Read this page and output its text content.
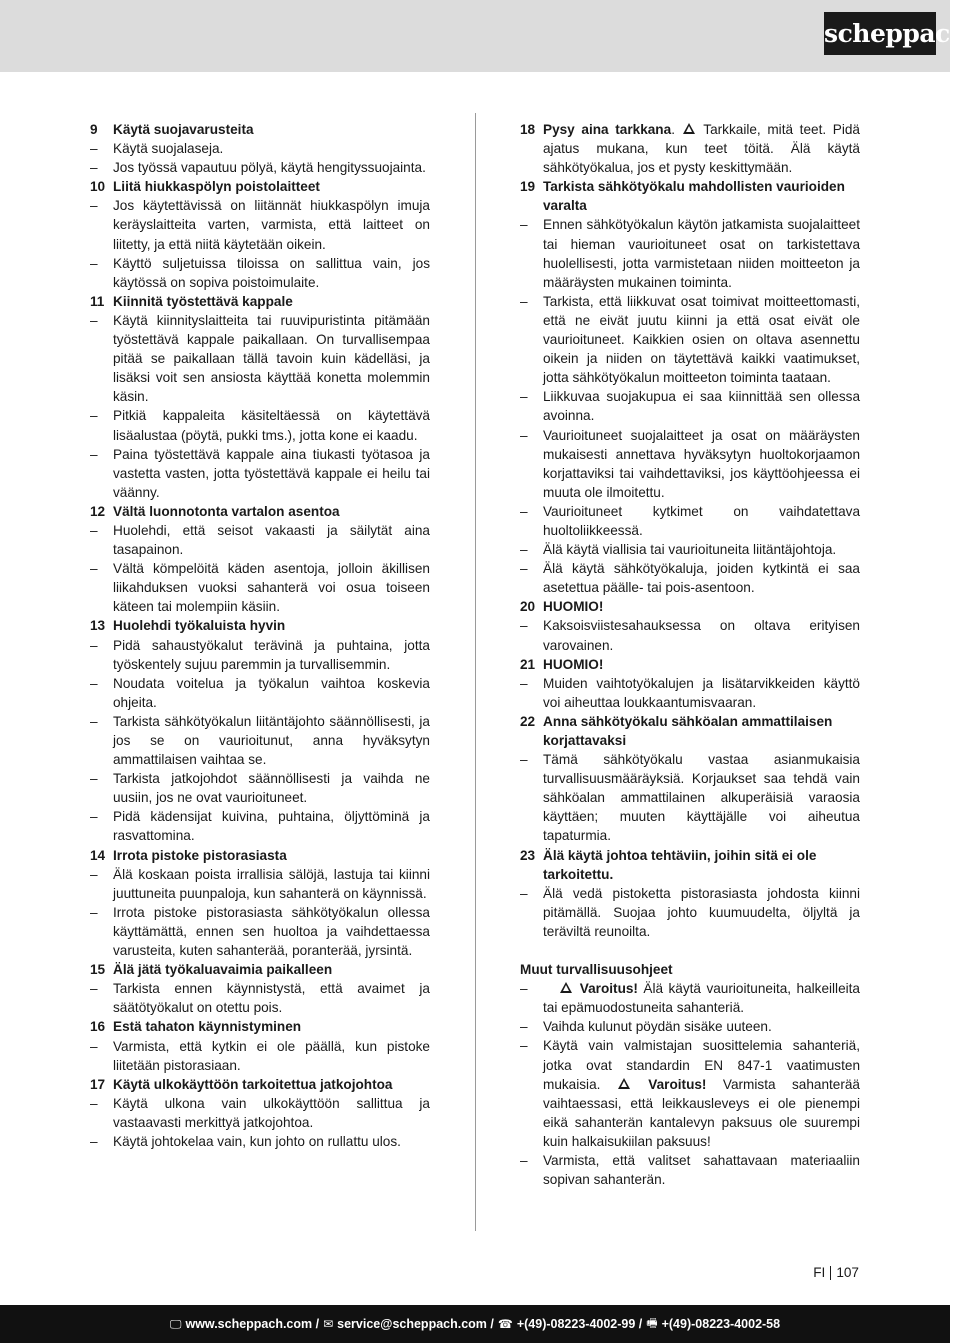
scheppach
9	Käytä suojavarusteita
–	Käytä suojalaseja.
–	Jos työssä vapautuu pölyä, käytä hengityssuojainta.
10 Liitä hiukkaspölyn poistolaitteet
–	Jos käytettävissä on liitännät hiukkaspölyn imuja keräyslaitteita varten, varmista, että laitteet on liitetty, ja että niitä käytetään oikein.
–	Käyttö suljetuissa tiloissa on sallittua vain, jos käytössä on sopiva poistoimulaite.
11 Kiinnitä työstettävä kappale
–	Käytä kiinnityslaitteita tai ruuvipuristinta pitämään työstettävä kappale paikallaan. On turvallisempaa pitää se paikallaan tällä tavoin kuin kädelläsi, ja lisäksi voit sen ansiosta käyttää konetta molemmin käsin.
–	Pitkiä kappaleita käsiteltäessä on käytettävä lisäalustaa (pöytä, pukki tms.), jotta kone ei kaadu.
–	Paina työstettävä kappale aina tiukasti työtasoa ja vastetta vasten, jotta työstettävä kappale ei heilu tai väänny.
12 Vältä luonnotonta vartalon asentoa
–	Huolehdi, että seisot vakaasti ja säilytät aina tasapainon.
–	Vältä kömpelöitä käden asentoja, jolloin äkillisen liikahduksen vuoksi sahanterä voi osua toiseen käteen tai molempiin käsiin.
13 Huolehdi työkaluista hyvin
–	Pidä sahaustyökalut terävinä ja puhtaina, jotta työskentely sujuu paremmin ja turvallisemmin.
–	Noudata voitelua ja työkalun vaihtoa koskevia ohjeita.
–	Tarkista sähkötyökalun liitäntäjohto säännöllisesti, ja jos se on vaurioitunut, anna hyväksytyn ammattilaisen vaihtaa se.
–	Tarkista jatkojohdot säännöllisesti ja vaihda ne uusiin, jos ne ovat vaurioituneet.
–	Pidä kädensijat kuivina, puhtaina, öljyttöminä ja rasvattomina.
14 Irrota pistoke pistorasiasta
–	Älä koskaan poista irrallisia sälöjä, lastuja tai kiinni juuttuneita puunpaloja, kun sahanterä on käynnissä.
–	Irrota pistoke pistorasiasta sähkötyökalun ollessa käyttämättä, ennen sen huoltoa ja vaihdettaessa varusteita, kuten sahanterää, poranterää, jyrsintä.
15 Älä jätä työkaluavaimia paikalleen
–	Tarkista ennen käynnistystä, että avaimet ja säätötyökalut on otettu pois.
16 Estä tahaton käynnistyminen
–	Varmista, että kytkin ei ole päällä, kun pistoke liitetään pistorasiaan.
17 Käytä ulkokäyttöön tarkoitettua jatkojohtoa
–	Käytä ulkona vain ulkokäyttöön sallittua ja vastaavasti merkittyä jatkojohtoa.
–	Käytä johtokelaa vain, kun johto on rullattu ulos.
18 Pysy aina tarkkana.  Tarkkaile, mitä teet. Pidä ajatus mukana, kun teet töitä. Älä käytä sähkötyökalua, jos et pysty keskittymään.
19 Tarkista sähkötyökalu mahdollisten vaurioiden varalta
–	Ennen sähkötyökalun käytön jatkamista suojalaitteet tai hieman vaurioituneet osat on tarkistettava huolellisesti, jotta varmistetaan niiden moitteeton ja määräysten mukainen toiminta.
–	Tarkista, että liikkuvat osat toimivat moitteettomasti, että ne eivät juutu kiinni ja että osat eivät ole vaurioituneet. Kaikkien osien on oltava asennettu oikein ja niiden on täytettävä kaikki vaatimukset, jotta sähkötyökalun moitteeton toiminta taataan.
–	Liikkuvaa suojakupua ei saa kiinnittää sen ollessa avoinna.
–	Vaurioituneet suojalaitteet ja osat on määräysten mukaisesti annettava hyväksytyn huoltokorjaamon korjattaviksi tai vaihdettaviksi, jos käyttöohjeessa ei muuta ole ilmoitettu.
–	Vaurioituneet kytkimet on vaihdatettava huoltoliikkeessä.
–	Älä käytä viallisia tai vaurioituneita liitäntäjohtoja.
–	Älä käytä sähkötyökaluja, joiden kytkintä ei saa asetettua päälle- tai pois-asentoon.
20 HUOMIO!
–	Kaksoisviistesahauksessa on oltava erityisen varovainen.
21 HUOMIO!
–	Muiden vaihtotyökalujen ja lisätarvikkeiden käyttö voi aiheuttaa loukkaantumisvaaran.
22 Anna sähkötyökalu sähköalan ammattilaisen korjattavaksi
–	Tämä sähkötyökalu vastaa asianmukaisia turvallisuusmääräyksiä. Korjaukset saa tehdä vain sähköalan ammattilainen alkuperäisiä varaosia käyttäen; muuten käyttäjälle voi aiheutua tapaturmia.
23 Älä käytä johtoa tehtäviin, joihin sitä ei ole tarkoitettu.
–	Älä vedä pistoketta pistorasiasta johdosta kiinni pitämällä. Suojaa johto kuumuudelta, öljyltä ja teräviltä reunoilta.
Muut turvallisuusohjeet
–	Varoitus! Älä käytä vaurioituneita, halkeilleita tai epämuodostuneita sahanteriä.
–	Vaihda kulunut pöydän sisäke uuteen.
–	Käytä vain valmistajan suosittelemia sahanteriä, jotka ovat standardin EN 847-1 vaatimusten mukaisia.  Varoitus! Varmista sahanterää vaihtaessasi, että leikkausleveys ei ole pienempi eikä sahanterän kantalevyn paksuus ole suurempi kuin halkaisukiilan paksuus!
–	Varmista, että valitset sahattavaan materiaaliin sopivan sahanterän.
FI 107
🖵 www.scheppach.com / ✉ service@scheppach.com / ☎ +(49)-08223-4002-99 / 🖷 +(49)-08223-4002-58
